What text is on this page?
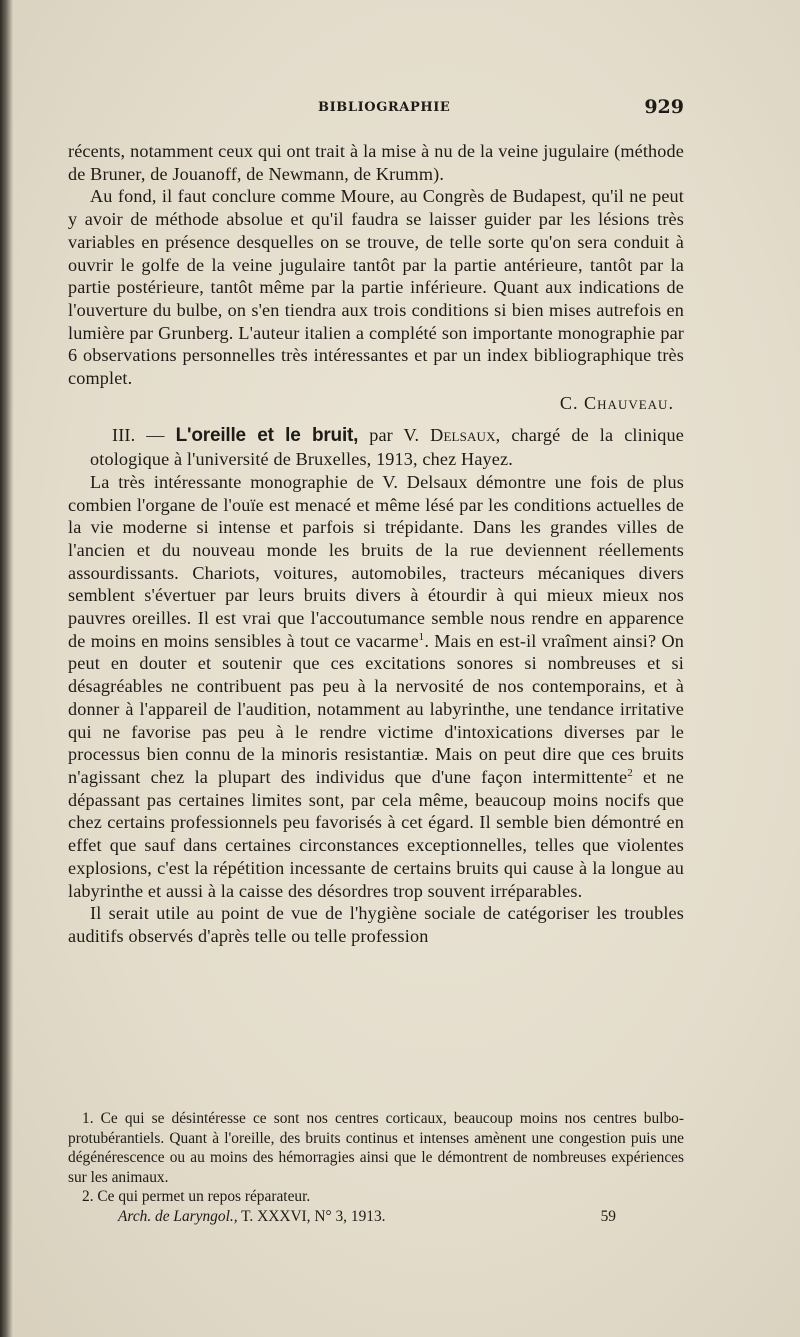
BIBLIOGRAPHIE	929

récents, notamment ceux qui ont trait à la mise à nu de la veine jugulaire (méthode de Bruner, de Jouanoff, de Newmann, de Krumm).

Au fond, il faut conclure comme Moure, au Congrès de Budapest, qu'il ne peut y avoir de méthode absolue et qu'il faudra se laisser guider par les lésions très variables en présence desquelles on se trouve, de telle sorte qu'on sera conduit à ouvrir le golfe de la veine jugulaire tantôt par la partie antérieure, tantôt par la partie postérieure, tantôt même par la partie inférieure. Quant aux indications de l'ouverture du bulbe, on s'en tiendra aux trois conditions si bien mises autrefois en lumière par Grunberg. L'auteur italien a complété son importante monographie par 6 observations personnelles très intéressantes et par un index bibliographique très complet.

C. Chauveau.

III. — L'oreille et le bruit, par V. Delsaux, chargé de la clinique otologique à l'université de Bruxelles, 1913, chez Hayez.

La très intéressante monographie de V. Delsaux démontre une fois de plus combien l'organe de l'ouïe est menacé et même lésé par les conditions actuelles de la vie moderne si intense et parfois si trépidante. Dans les grandes villes de l'ancien et du nouveau monde les bruits de la rue deviennent réellements assourdissants. Chariots, voitures, automobiles, tracteurs mécaniques divers semblent s'évertuer par leurs bruits divers à étourdir à qui mieux mieux nos pauvres oreilles. Il est vrai que l'accoutumance semble nous rendre en apparence de moins en moins sensibles à tout ce vacarme$^1$. Mais en est-il vraîment ainsi? On peut en douter et soutenir que ces excitations sonores si nombreuses et si désagréables ne contribuent pas peu à la nervosité de nos contemporains, et à donner à l'appareil de l'audition, notamment au labyrinthe, une tendance irritative qui ne favorise pas peu à le rendre victime d'intoxications diverses par le processus bien connu de la minoris resistantiæ. Mais on peut dire que ces bruits n'agissant chez la plupart des individus que d'une façon intermittente$^2$ et ne dépassant pas certaines limites sont, par cela même, beaucoup moins nocifs que chez certains professionnels peu favorisés à cet égard. Il semble bien démontré en effet que sauf dans certaines circonstances exceptionnelles, telles que violentes explosions, c'est la répétition incessante de certains bruits qui cause à la longue au labyrinthe et aussi à la caisse des désordres trop souvent irréparables.

Il serait utile au point de vue de l'hygiène sociale de catégoriser les troubles auditifs observés d'après telle ou telle profession

1. Ce qui se désintéresse ce sont nos centres corticaux, beaucoup moins nos centres bulbo-protubérantiels. Quant à l'oreille, des bruits continus et intenses amènent une congestion puis une dégénérescence ou au moins des hémorragies ainsi que le démontrent de nombreuses expériences sur les animaux.

2. Ce qui permet un repos réparateur.

Arch. de Laryngol., T. XXXVI, N° 3, 1913.	59
